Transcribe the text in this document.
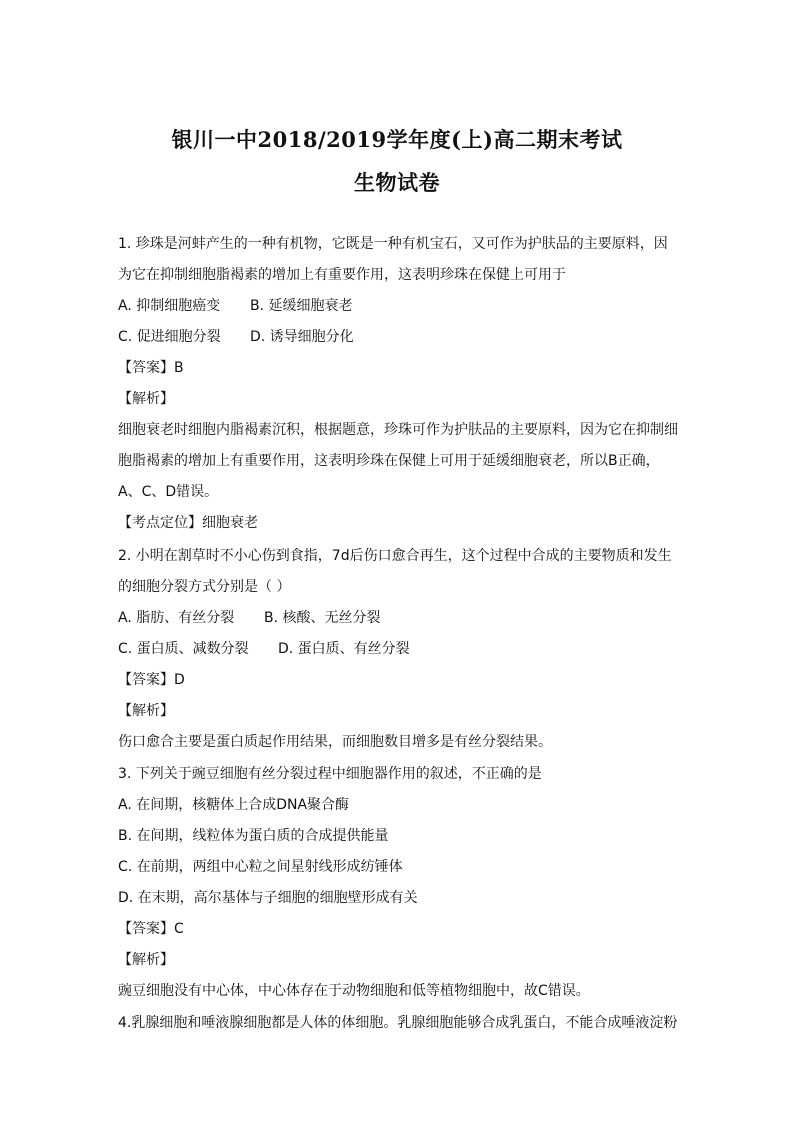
银川一中2018/2019学年度(上)高二期末考试
生物试卷
1. 珍珠是河蚌产生的一种有机物，它既是一种有机宝石，又可作为护肤品的主要原料，因
为它在抑制细胞脂褐素的增加上有重要作用，这表明珍珠在保健上可用于
A. 抑制细胞癌变 B. 延缓细胞衰老
C. 促进细胞分裂 D. 诱导细胞分化
【答案】B
【解析】
细胞衰老时细胞内脂褐素沉积，根据题意，珍珠可作为护肤品的主要原料，因为它在抑制细
胞脂褐素的增加上有重要作用，这表明珍珠在保健上可用于延缓细胞衰老，所以B正确，
A、C、D错误。
【考点定位】细胞衰老
2. 小明在割草时不小心伤到食指，7d后伤口愈合再生，这个过程中合成的主要物质和发生
的细胞分裂方式分别是（ ）
A. 脂肪、有丝分裂 B. 核酸、无丝分裂
C. 蛋白质、减数分裂 D. 蛋白质、有丝分裂
【答案】D
【解析】
伤口愈合主要是蛋白质起作用结果，而细胞数目增多是有丝分裂结果。
3. 下列关于豌豆细胞有丝分裂过程中细胞器作用的叙述，不正确的是
A. 在间期，核糖体上合成DNA聚合酶
B. 在间期，线粒体为蛋白质的合成提供能量
C. 在前期，两组中心粒之间星射线形成纺锤体
D. 在末期，高尔基体与子细胞的细胞壁形成有关
【答案】C
【解析】
豌豆细胞没有中心体，中心体存在于动物细胞和低等植物细胞中，故C错误。
4.乳腺细胞和唾液腺细胞都是人体的体细胞。乳腺细胞能够合成乳蛋白，不能合成唾液淀粉
